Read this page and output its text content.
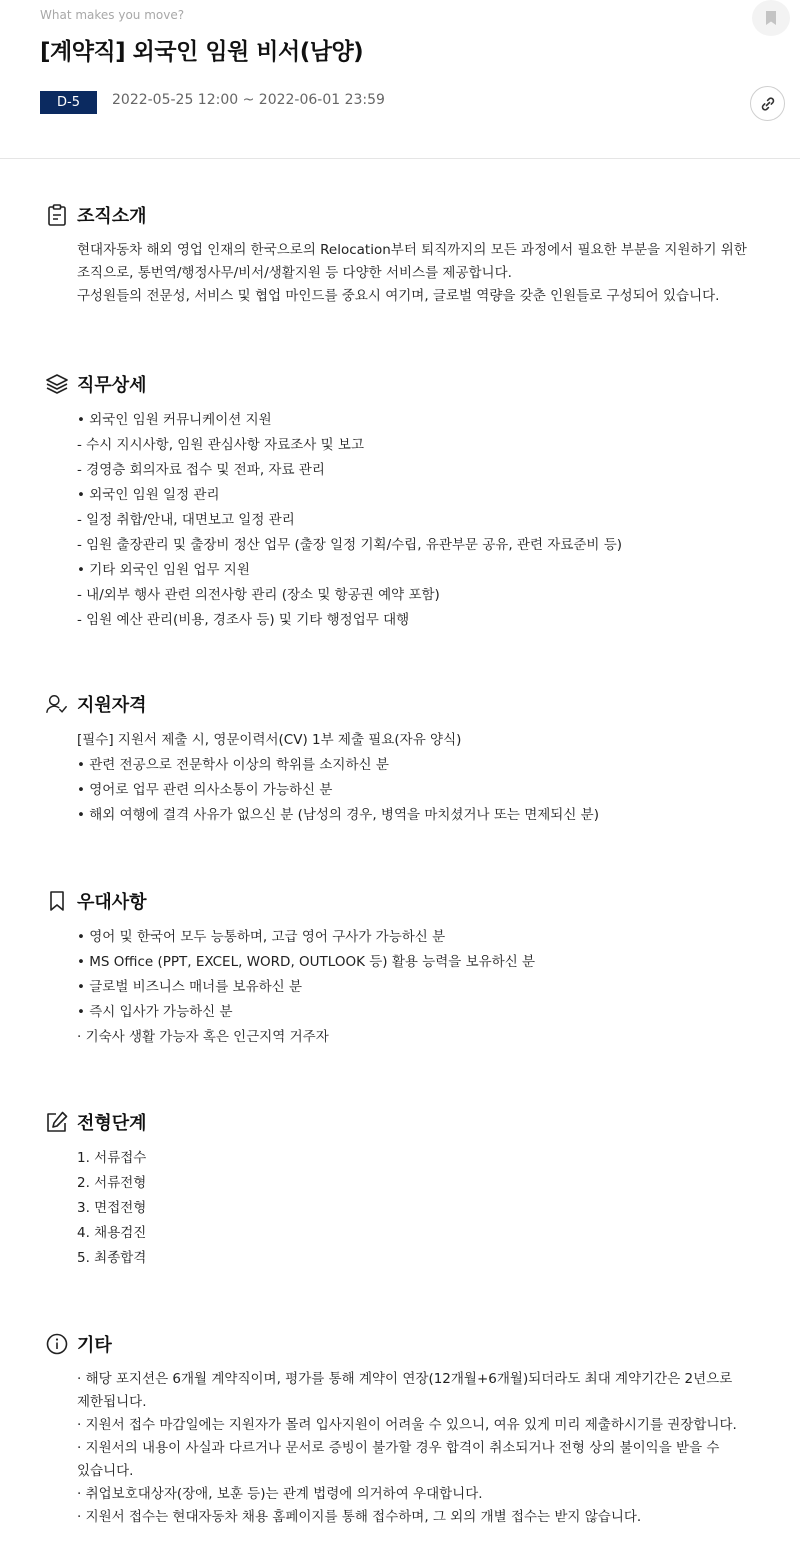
What makes you move?
[계약직] 외국인 임원 비서(남양)
D-5	2022-05-25 12:00 ~ 2022-06-01 23:59
조직소개
현대자동차 해외 영업 인재의 한국으로의 Relocation부터 퇴직까지의 모든 과정에서 필요한 부분을 지원하기 위한
조직으로, 통번역/행정사무/비서/생활지원 등 다양한 서비스를 제공합니다.
구성원들의 전문성, 서비스 및 협업 마인드를 중요시 여기며, 글로벌 역량을 갖춘 인원들로 구성되어 있습니다.
직무상세
• 외국인 임원 커뮤니케이션 지원
- 수시 지시사항, 임원 관심사항 자료조사 및 보고
- 경영층 회의자료 접수 및 전파, 자료 관리
• 외국인 임원 일정 관리
- 일정 취합/안내, 대면보고 일정 관리
- 임원 출장관리 및 출장비 정산 업무 (출장 일정 기획/수립, 유관부문 공유, 관련 자료준비 등)
• 기타 외국인 임원 업무 지원
- 내/외부 행사 관련 의전사항 관리 (장소 및 항공권 예약 포함)
- 임원 예산 관리(비용, 경조사 등) 및 기타 행정업무 대행
지원자격
[필수] 지원서 제출 시, 영문이력서(CV) 1부 제출 필요(자유 양식)
• 관련 전공으로 전문학사 이상의 학위를 소지하신 분
• 영어로 업무 관련 의사소통이 가능하신 분
• 해외 여행에 결격 사유가 없으신 분 (남성의 경우, 병역을 마치셨거나 또는 면제되신 분)
우대사항
• 영어 및 한국어 모두 능통하며, 고급 영어 구사가 가능하신 분
• MS Office (PPT, EXCEL, WORD, OUTLOOK 등) 활용 능력을 보유하신 분
• 글로벌 비즈니스 매너를 보유하신 분
• 즉시 입사가 가능하신 분
· 기숙사 생활 가능자 혹은 인근지역 거주자
전형단계
1. 서류접수
2. 서류전형
3. 면접전형
4. 채용검진
5. 최종합격
기타
· 해당 포지션은 6개월 계약직이며, 평가를 통해 계약이 연장(12개월+6개월)되더라도 최대 계약기간은 2년으로
제한됩니다.
· 지원서 접수 마감일에는 지원자가 몰려 입사지원이 어려울 수 있으니, 여유 있게 미리 제출하시기를 권장합니다.
· 지원서의 내용이 사실과 다르거나 문서로 증빙이 불가할 경우 합격이 취소되거나 전형 상의 불이익을 받을 수
있습니다.
· 취업보호대상자(장애, 보훈 등)는 관계 법령에 의거하여 우대합니다.
· 지원서 접수는 현대자동차 채용 홈페이지를 통해 접수하며, 그 외의 개별 접수는 받지 않습니다.
